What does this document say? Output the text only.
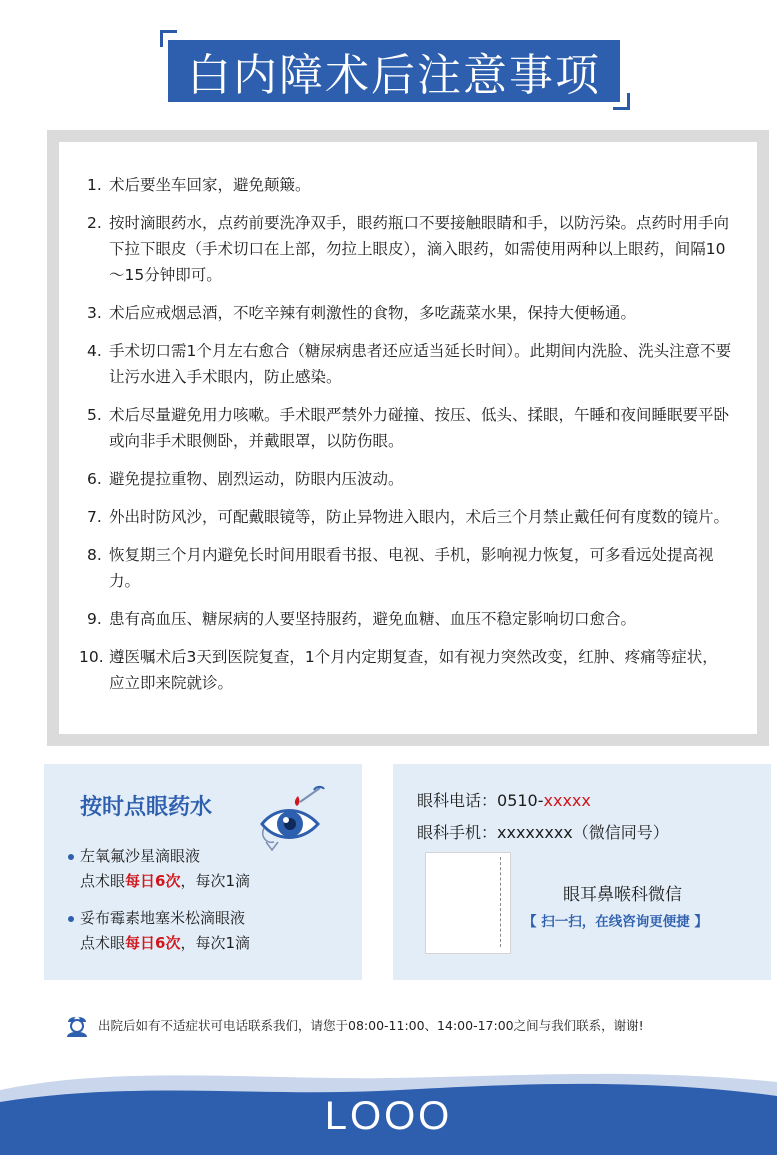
白内障术后注意事项
1. 术后要坐车回家，避免颠簸。
2. 按时滴眼药水，点药前要洗净双手，眼药瓶口不要接触眼睛和手，以防污染。点药时用手向下拉下眼皮（手术切口在上部，勿拉上眼皮），滴入眼药，如需使用两种以上眼药，间隔10～15分钟即可。
3. 术后应戒烟忌酒，不吃辛辣有刺激性的食物，多吃蔬菜水果，保持大便畅通。
4. 手术切口需1个月左右愈合（糖尿病患者还应适当延长时间）。此期间内洗脸、洗头注意不要让污水进入手术眼内，防止感染。
5. 术后尽量避免用力咳嗽。手术眼严禁外力碰撞、按压、低头、揉眼，午睡和夜间睡眠要平卧或向非手术眼侧卧，并戴眼罩，以防伤眼。
6. 避免提拉重物、剧烈运动，防眼内压波动。
7. 外出时防风沙，可配戴眼镜等，防止异物进入眼内，术后三个月禁止戴任何有度数的镜片。
8. 恢复期三个月内避免长时间用眼看书报、电视、手机，影响视力恢复，可多看远处提高视力。
9. 患有高血压、糖尿病的人要坚持服药，避免血糖、血压不稳定影响切口愈合。
10. 遵医嘱术后3天到医院复查，1个月内定期复查，如有视力突然改变，红肿、疼痛等症状，应立即来院就诊。
按时点眼药水
左氧氟沙星滴眼液
点术眼每日6次，每次1滴
妥布霉素地塞米松滴眼液
点术眼每日6次，每次1滴
眼科电话：0510-xxxxx
眼科手机：xxxxxxxx（微信同号）
眼耳鼻喉科微信
【 扫一扫，在线咨询更便捷 】
出院后如有不适症状可电话联系我们，请您于08:00-11:00、14:00-17:00之间与我们联系，谢谢!
LOOO
